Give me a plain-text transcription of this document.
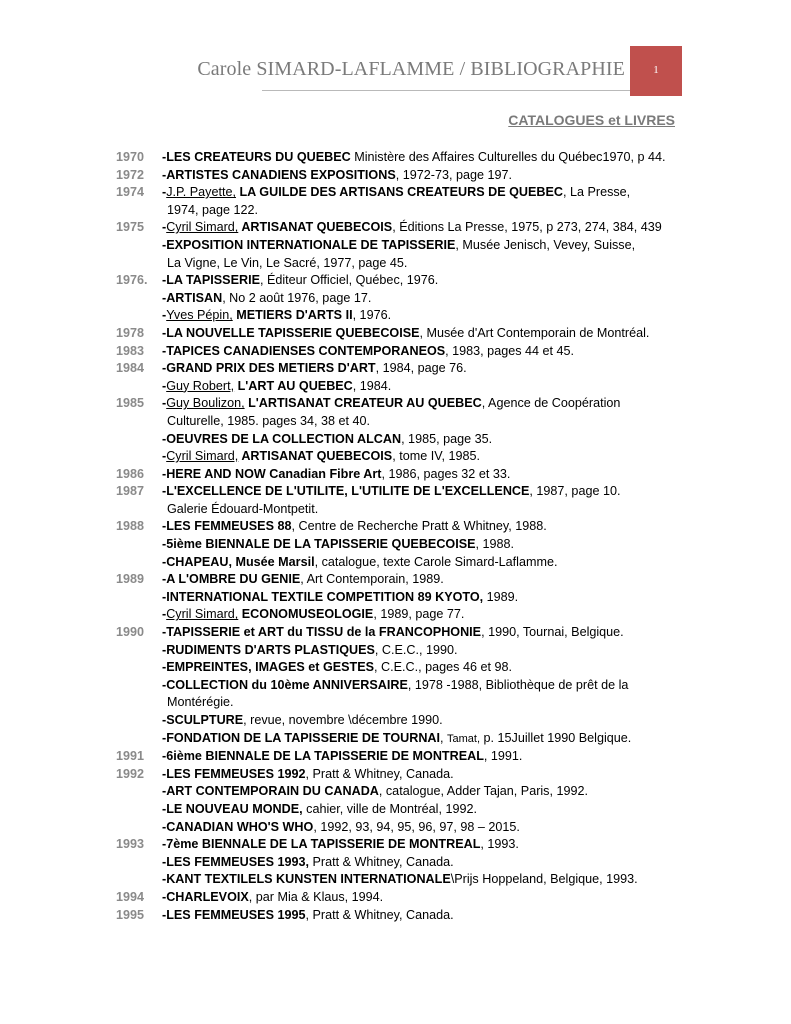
Carole SIMARD-LAFLAMME / BIBLIOGRAPHIE	1
CATALOGUES et LIVRES
1970	-LES CREATEURS DU QUEBEC Ministère des Affaires Culturelles du Québec1970, p 44.
1972	-ARTISTES CANADIENS EXPOSITIONS, 1972-73, page 197.
1974	-J.P. Payette, LA GUILDE DES ARTISANS CREATEURS DE QUEBEC, La Presse,
1974, page 122.
1975	-Cyril Simard, ARTISANAT QUEBECOIS, Éditions La Presse, 1975, p 273, 274, 384, 439
-EXPOSITION INTERNATIONALE DE TAPISSERIE, Musée Jenisch, Vevey, Suisse,
La Vigne, Le Vin, Le Sacré, 1977, page 45.
1976.	-LA TAPISSERIE, Éditeur Officiel, Québec, 1976.
-ARTISAN, No 2 août 1976, page 17.
-Yves Pépin, METIERS D'ARTS II, 1976.
1978	-LA NOUVELLE TAPISSERIE QUEBECOISE, Musée d'Art Contemporain de Montréal.
1983	-TAPICES CANADIENSES CONTEMPORANEOS, 1983, pages 44 et 45.
1984	-GRAND PRIX DES METIERS D'ART, 1984, page 76.
-Guy Robert, L'ART AU QUEBEC, 1984.
1985	-Guy Boulizon, L'ARTISANAT CREATEUR AU QUEBEC, Agence de Coopération
Culturelle, 1985. pages 34, 38 et 40.
-OEUVRES DE LA COLLECTION ALCAN, 1985, page 35.
-Cyril Simard, ARTISANAT QUEBECOIS, tome IV, 1985.
1986	-HERE AND NOW Canadian Fibre Art, 1986, pages 32 et 33.
1987	-L'EXCELLENCE DE L'UTILITE, L'UTILITE DE L'EXCELLENCE, 1987, page 10.
Galerie Édouard-Montpetit.
1988	-LES FEMMEUSES 88, Centre de Recherche Pratt & Whitney, 1988.
-5ième BIENNALE DE LA TAPISSERIE QUEBECOISE, 1988.
-CHAPEAU, Musée Marsil, catalogue, texte Carole Simard-Laflamme.
1989	-A L'OMBRE DU GENIE, Art Contemporain, 1989.
-INTERNATIONAL TEXTILE COMPETITION 89 KYOTO, 1989.
-Cyril Simard, ECONOMUSEOLOGIE, 1989, page 77.
1990	-TAPISSERIE et ART du TISSU de la FRANCOPHONIE, 1990, Tournai, Belgique.
-RUDIMENTS D'ARTS PLASTIQUES, C.E.C., 1990.
-EMPREINTES, IMAGES et GESTES, C.E.C., pages 46 et 98.
-COLLECTION du 10ème ANNIVERSAIRE, 1978 -1988, Bibliothèque de prêt de la
Montérégie.
-SCULPTURE, revue, novembre \décembre 1990.
-FONDATION DE LA TAPISSERIE DE TOURNAI, Tamat, p. 15Juillet 1990 Belgique.
1991	-6ième BIENNALE DE LA TAPISSERIE DE MONTREAL, 1991.
1992	-LES FEMMEUSES 1992, Pratt & Whitney, Canada.
-ART CONTEMPORAIN DU CANADA, catalogue, Adder Tajan, Paris, 1992.
-LE NOUVEAU MONDE, cahier, ville de Montréal, 1992.
-CANADIAN WHO'S WHO, 1992, 93, 94, 95, 96, 97, 98 – 2015.
1993	-7ème BIENNALE DE LA TAPISSERIE DE MONTREAL, 1993.
-LES FEMMEUSES 1993, Pratt & Whitney, Canada.
-KANT TEXTILELS KUNSTEN INTERNATIONALE\Prijs Hoppeland, Belgique, 1993.
1994	-CHARLEVOIX, par Mia & Klaus, 1994.
1995	-LES FEMMEUSES 1995, Pratt & Whitney, Canada.
